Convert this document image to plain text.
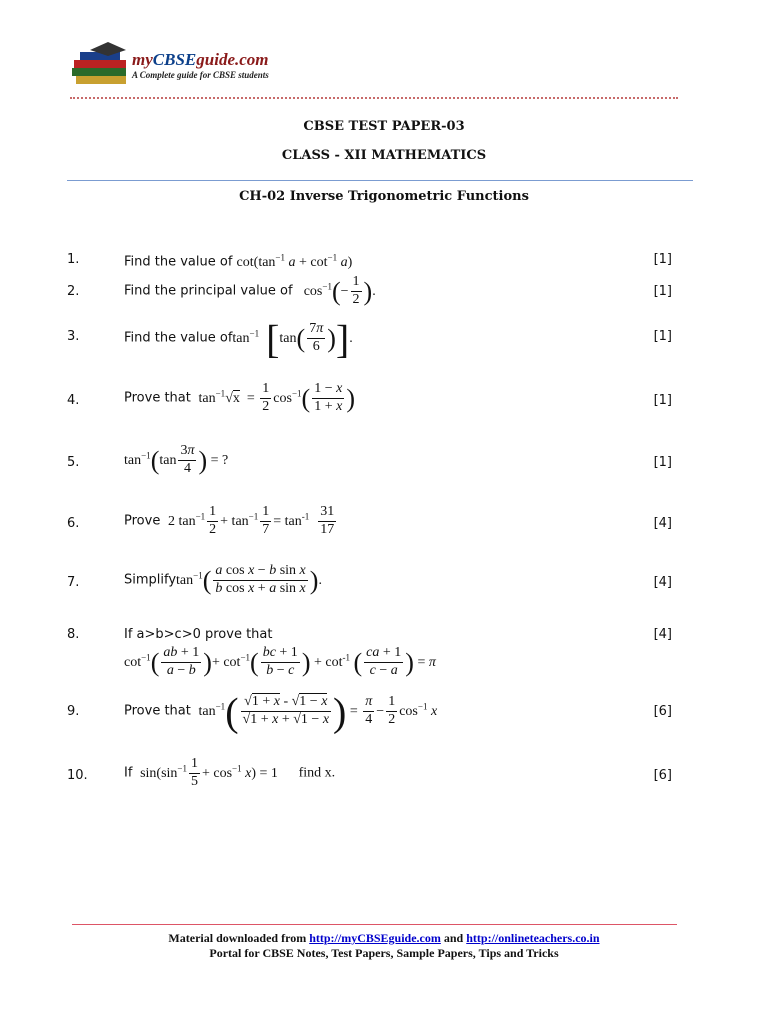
myCBSEguide.com
A Complete guide for CBSE students
CBSE TEST PAPER-03
CLASS - XII MATHEMATICS
CH-02 Inverse Trigonometric Functions
1.	Find the value of $\cot(\tan^{-1}$ $a + \cot^{-1} a$)	[1]
2.	Find the principal value of   $\cos^{-1}(- \frac{1}{2}$ ).	[1]
3.	Find the value oftan$^{-1}$ [$\tan( \frac{7\pi}{6}$ )].	[1]
4.	Prove that  $\tan^{-1}√x = \frac{1}{2} \cos^{-1}( \frac{1 - x}{1 + x}$ )	[1]
5.	$\tan^{-1}(\tan \frac{3\pi}{4}$ ) = ?	[1]
6.	Prove  2 $\tan^{-1} \frac{1}{2} + \tan^{-1} \frac{1}{7} = \tan^{-1} \frac{31}{17}$	[4]
7.	Simplifytan$^{-1}$( $\frac{\text{a cos x − b sin x}}{\text{b cos x + a sin x}}$ ).	[4]
8.	If a>b>c>0 prove that	[4]
$\cot^{-1}( \frac{ab + 1}{a - b}$ )+ $\cot^{-1}( \frac{bc + 1}{b - c}$ ) + $\cot^{-1}$ ( $\frac{ca + 1}{c - a}$ ) = π
9.	Prove that  $\tan^{-1}( \frac{√1 + x - √1 - x}{√1 + x + √1 - x}$ ) = $\frac{\pi}{4} - \frac{1}{2} \cos^{-1} x$	[6]
10.	If  $\sin(\sin^{-1} \frac{1}{5} + \cos^{-1} x) = 1$ find x.	[6]
Material downloaded from http://myCBSEguide.com and http://onlineteachers.co.in
Portal for CBSE Notes, Test Papers, Sample Papers, Tips and Tricks
